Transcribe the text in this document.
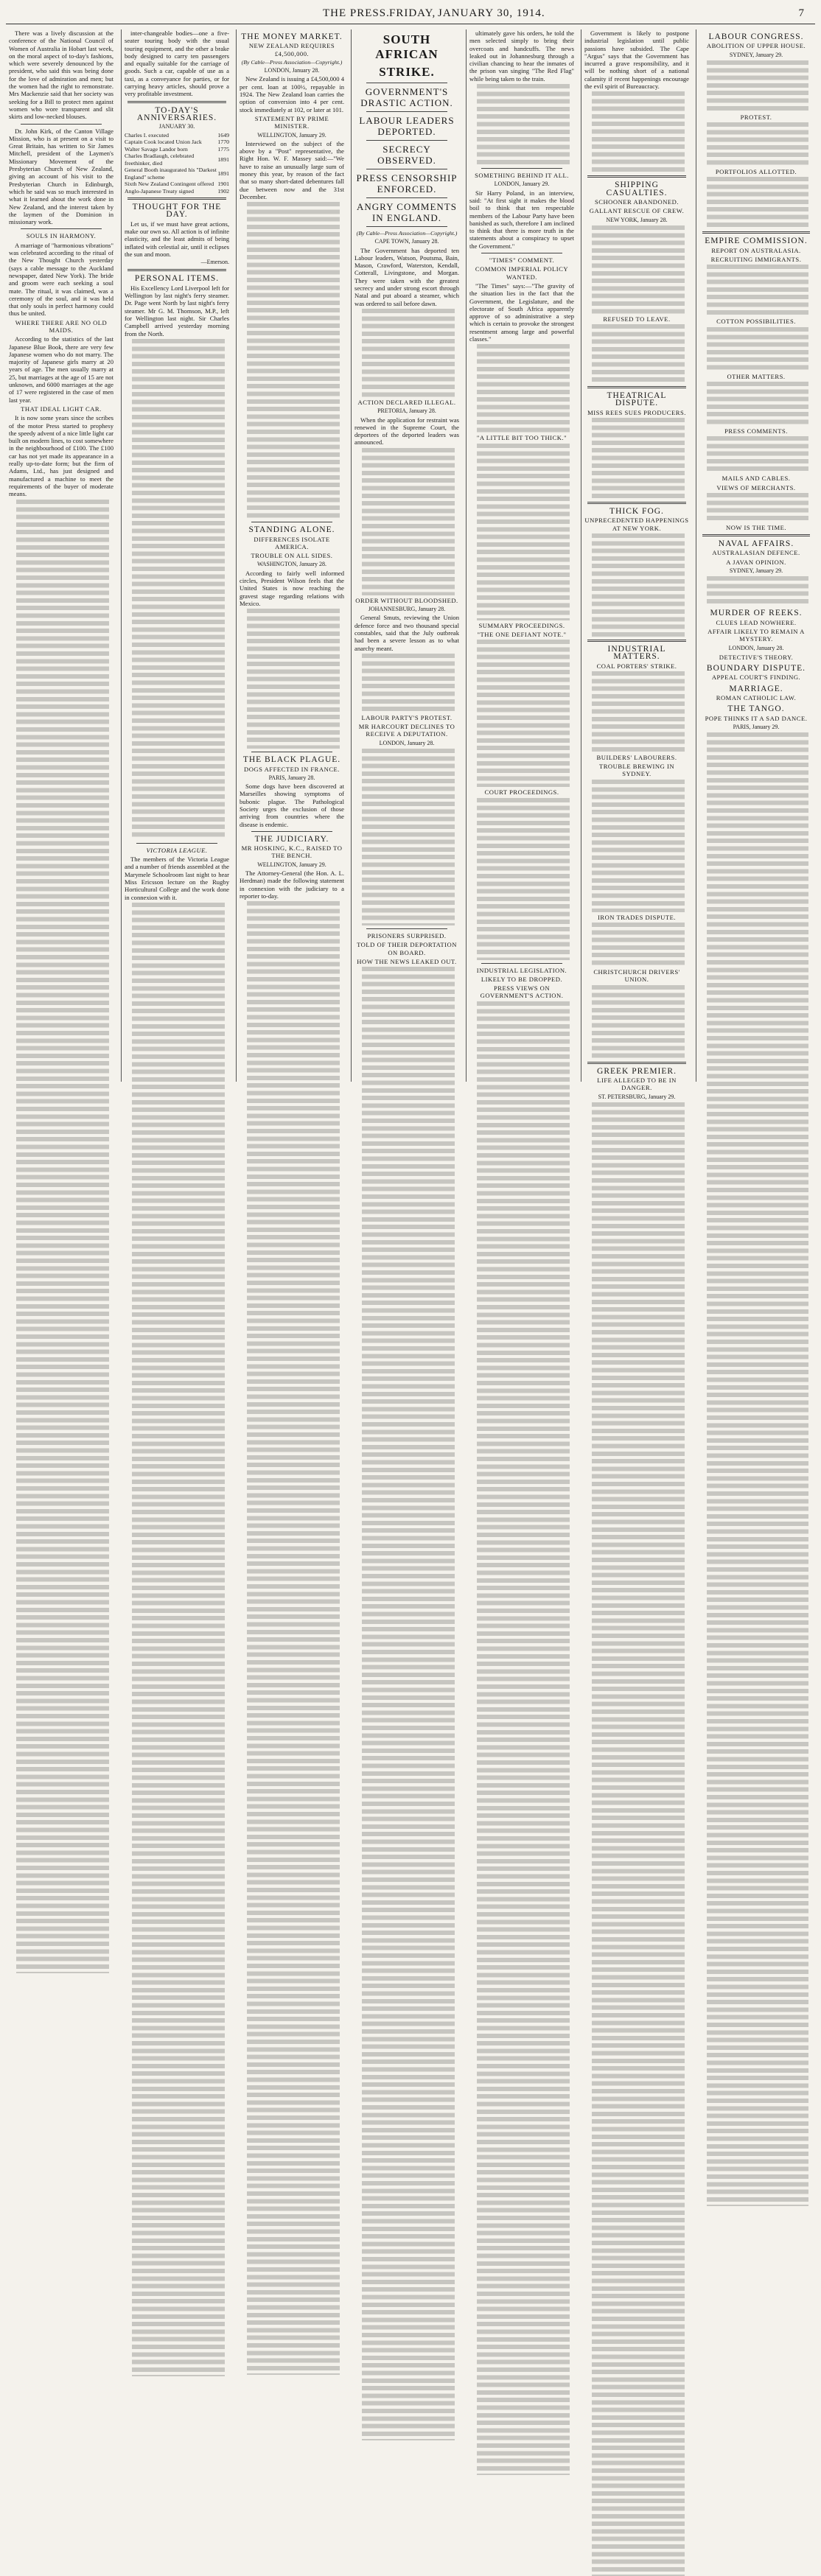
THE PRESS. FRIDAY, JANUARY 30, 1914.	7

There was a lively discussion at the conference of the National Council of Women of Australia in Hobart last week, on the moral aspect of to-day's fashions, which were severely denounced by the president, who said this was being done for the love of admiration and men; but the women had the right to remonstrate. Mrs Mackenzie said that her society was seeking for a Bill to protect men against women who wore transparent and slit skirts and low-necked blouses.

Dr. John Kirk, of the Canton Village Mission, who is at present on a visit to Great Britain, has written to Sir James Mitchell, president of the Laymen's Missionary Movement of the Presbyterian Church of New Zealand, giving an account of his visit to the Presbyterian Church in Edinburgh, which he said was so much interested in what it learned about the work done in New Zealand, and the interest taken by the laymen of the Dominion in missionary work.

SOULS IN HARMONY.

A marriage of "harmonious vibrations" was celebrated according to the ritual of the New Thought Church yesterday (says a cable message to the Auckland newspaper, dated New York). The bride and groom were each seeking a soul mate. The ritual, it was claimed, was a ceremony of the soul, and it was held that only souls in perfect harmony could thus be united.

WHERE THERE ARE NO OLD MAIDS.

According to the statistics of the last Japanese Blue Book, there are very few Japanese women who do not marry. The majority of Japanese girls marry at 20 years of age. The men usually marry at 25, but marriages at the age of 15 are not unknown, and 6000 marriages at the age of 17 were registered in the case of men last year.

THAT IDEAL LIGHT CAR.

It is now some years since the scribes of the motor Press started to prophesy the speedy advent of a nice little light car built on modern lines, to cost somewhere in the neighbourhood of £100. The £100 car has not yet made its appearance in a really up-to-date form; but the firm of Adams, Ltd., has just designed and manufactured a machine to meet the requirements of the buyer of moderate means.

inter-changeable bodies—one a five-seater touring body with the usual touring equipment, and the other a brake body designed to carry ten passengers and equally suitable for the carriage of goods. Such a car, capable of use as a taxi, as a conveyance for parties, or for carrying heavy articles, should prove a very profitable investment.

TO-DAY'S ANNIVERSARIES.
JANUARY 30.
Charles I. executed	1649
Captain Cook located Union Jack	1770
Walter Savage Landor born	1775
Charles Bradlaugh, celebrated freethinker, died	1891
General Booth inaugurated his "Darkest England" scheme	1891
Sixth New Zealand Contingent offered	1901
Anglo-Japanese Treaty signed	1902
THOUGHT FOR THE DAY.

Let us, if we must have great actions, make our own so. All action is of infinite elasticity, and the least admits of being inflated with celestial air, until it eclipses the sun and moon.

—Emerson.
PERSONAL ITEMS.

His Excellency Lord Liverpool left for Wellington by last night's ferry steamer. Dr. Page went North by last night's ferry steamer. Mr G. M. Thomson, M.P., left for Wellington last night. Sir Charles Campbell arrived yesterday morning from the North.

VICTORIA LEAGUE.

The members of the Victoria League and a number of friends assembled at the Marymele Schoolroom last night to hear Miss Ericsson lecture on the Rugby Horticultural College and the work done in connexion with it.

THE MONEY MARKET.
NEW ZEALAND REQUIRES £4,500,000.
(By Cable—Press Association—Copyright.)
LONDON, January 28.

New Zealand is issuing a £4,500,000 4 per cent. loan at 100½, repayable in 1924. The New Zealand loan carries the option of conversion into 4 per cent. stock immediately at 102, or later at 101.

STATEMENT BY PRIME MINISTER.
WELLINGTON, January 29.

Interviewed on the subject of the above by a "Post" representative, the Right Hon. W. F. Massey said:—"We have to raise an unusually large sum of money this year, by reason of the fact that so many short-dated debentures fall due between now and the 31st December.

STANDING ALONE.
DIFFERENCES ISOLATE AMERICA.
TROUBLE ON ALL SIDES.
WASHINGTON, January 28.

According to fairly well informed circles, President Wilson feels that the United States is now reaching the gravest stage regarding relations with Mexico.

THE BLACK PLAGUE.
DOGS AFFECTED IN FRANCE.
PARIS, January 28.

Some dogs have been discovered at Marseilles showing symptoms of bubonic plague. The Pathological Society urges the exclusion of those arriving from countries where the disease is endemic.

THE JUDICIARY.
MR HOSKING, K.C., RAISED TO THE BENCH.
WELLINGTON, January 29.

The Attorney-General (the Hon. A. L. Herdman) made the following statement in connexion with the judiciary to a reporter to-day.

SOUTH AFRICAN
STRIKE.
GOVERNMENT'S DRASTIC ACTION.
LABOUR LEADERS DEPORTED.
SECRECY OBSERVED.
PRESS CENSORSHIP ENFORCED.
ANGRY COMMENTS IN ENGLAND.
(By Cable—Press Association—Copyright.)
CAPE TOWN, January 28.

The Government has deported ten Labour leaders, Watson, Poutsma, Bain, Mason, Crawford, Waterston, Kendall, Cotterall, Livingstone, and Morgan. They were taken with the greatest secrecy and under strong escort through Natal and put aboard a steamer, which was ordered to sail before dawn.

ACTION DECLARED ILLEGAL.
PRETORIA, January 28.

When the application for restraint was renewed in the Supreme Court, the deportees of the deported leaders was announced.

ORDER WITHOUT BLOODSHED.
JOHANNESBURG, January 28.

General Smuts, reviewing the Union defence force and two thousand special constables, said that the July outbreak had been a severe lesson as to what anarchy meant.

LABOUR PARTY'S PROTEST.
MR HARCOURT DECLINES TO RECEIVE A DEPUTATION.
LONDON, January 28.
PRISONERS SURPRISED.
TOLD OF THEIR DEPORTATION ON BOARD.
HOW THE NEWS LEAKED OUT.

ultimately gave his orders, he told the men selected simply to bring their overcoats and handcuffs. The news leaked out in Johannesburg through a civilian chancing to hear the inmates of the prison van singing "The Red Flag" while being taken to the train.

SOMETHING BEHIND IT ALL.
LONDON, January 29.

Sir Harry Poland, in an interview, said: "At first sight it makes the blood boil to think that ten respectable members of the Labour Party have been banished as such, therefore I am inclined to think that there is more truth in the statements about a conspiracy to upset the Government."

"TIMES" COMMENT.
COMMON IMPERIAL POLICY WANTED.

"The Times" says:—"The gravity of the situation lies in the fact that the Government, the Legislature, and the electorate of South Africa apparently approve of so administrative a step which is certain to provoke the strongest resentment among large and powerful classes."

"A LITTLE BIT TOO THICK."
SUMMARY PROCEEDINGS.
"THE ONE DEFIANT NOTE."
COURT PROCEEDINGS.
INDUSTRIAL LEGISLATION.
LIKELY TO BE DROPPED.
PRESS VIEWS ON GOVERNMENT'S ACTION.

Government is likely to postpone industrial legislation until public passions have subsided. The Cape "Argus" says that the Government has incurred a grave responsibility, and it will be nothing short of a national calamity if recent happenings encourage the evil spirit of Bureaucracy.

SHIPPING CASUALTIES.
SCHOONER ABANDONED.
GALLANT RESCUE OF CREW.
NEW YORK, January 28.
REFUSED TO LEAVE.
THEATRICAL DISPUTE.
MISS REES SUES PRODUCERS.
THICK FOG.
UNPRECEDENTED HAPPENINGS AT NEW YORK.
INDUSTRIAL MATTERS.
COAL PORTERS' STRIKE.
BUILDERS' LABOURERS.
TROUBLE BREWING IN SYDNEY.
IRON TRADES DISPUTE.
CHRISTCHURCH DRIVERS' UNION.
GREEK PREMIER.
LIFE ALLEGED TO BE IN DANGER.
ST. PETERSBURG, January 29.
LABOUR CONGRESS.
ABOLITION OF UPPER HOUSE.
SYDNEY, January 29.
PROTEST.
PORTFOLIOS ALLOTTED.
EMPIRE COMMISSION.
REPORT ON AUSTRALASIA.
RECRUITING IMMIGRANTS.
COTTON POSSIBILITIES.
OTHER MATTERS.
PRESS COMMENTS.
MAILS AND CABLES.
VIEWS OF MERCHANTS.
NOW IS THE TIME.
NAVAL AFFAIRS.
AUSTRALASIAN DEFENCE.
A JAVAN OPINION.
SYDNEY, January 29.
MURDER OF REEKS.
CLUES LEAD NOWHERE.
AFFAIR LIKELY TO REMAIN A MYSTERY.
LONDON, January 28.
DETECTIVE'S THEORY.
BOUNDARY DISPUTE.
APPEAL COURT'S FINDING.
MARRIAGE.
ROMAN CATHOLIC LAW.
THE TANGO.
POPE THINKS IT A SAD DANCE.
PARIS, January 29.
